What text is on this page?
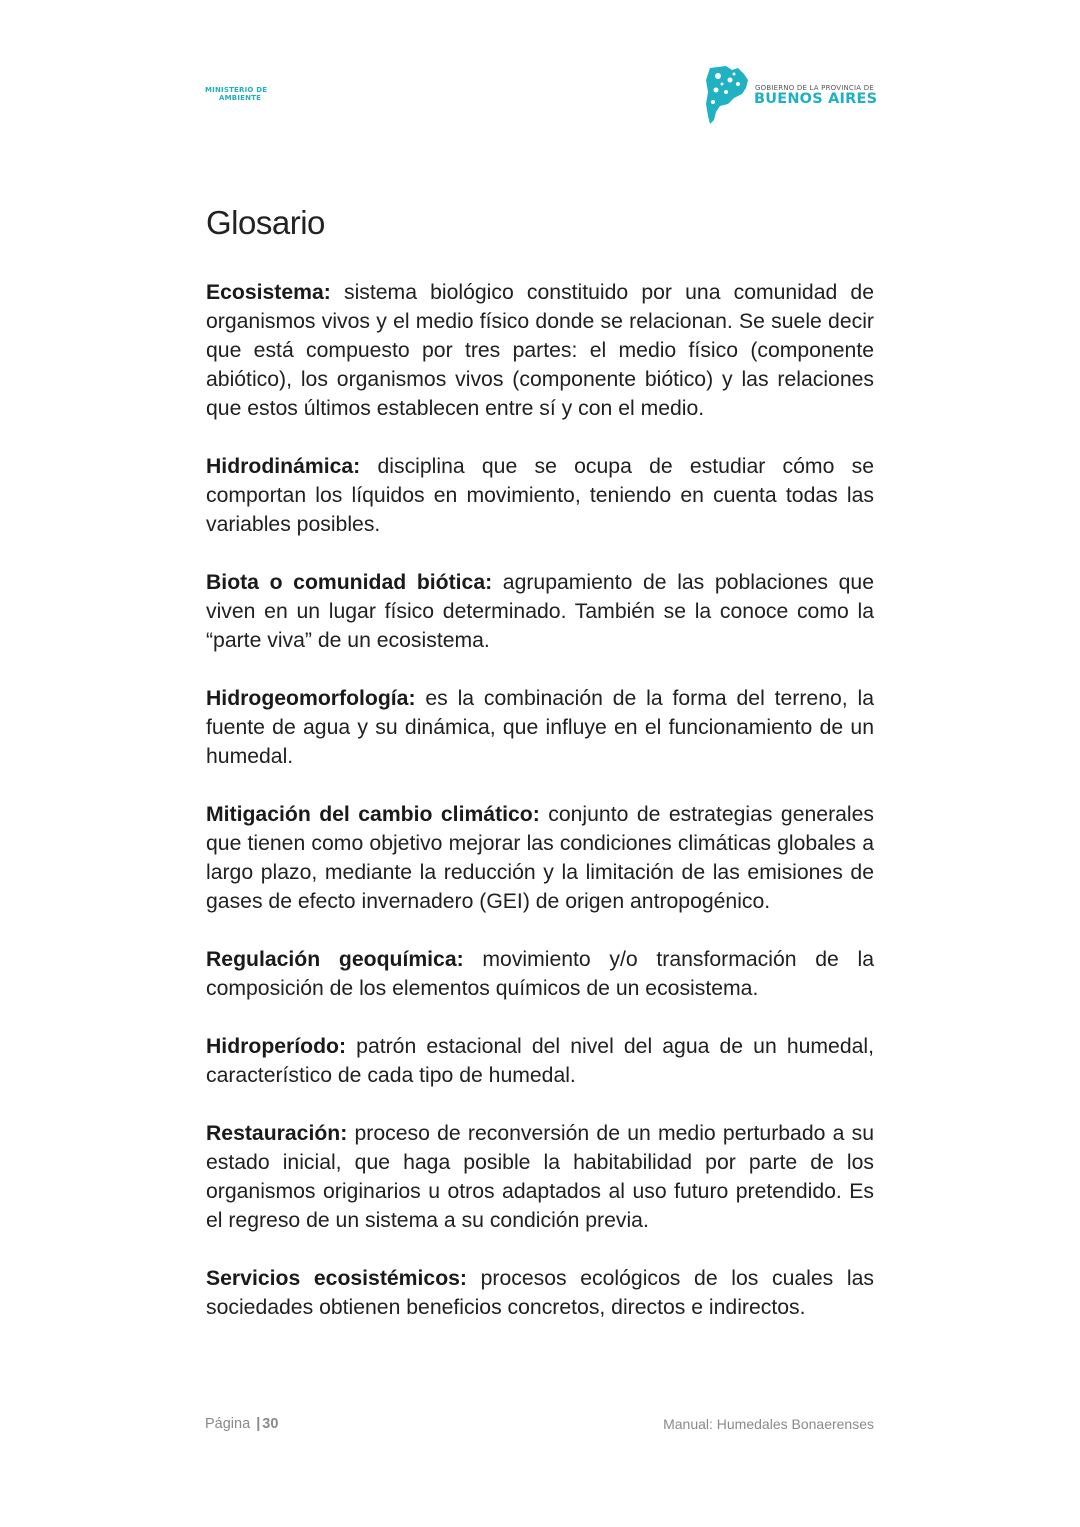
MINISTERIO DE
AMBIENTE
GOBIERNO DE LA PROVINCIA DE
BUENOS AIRES
Glosario

Ecosistema: sistema biológico constituido por una comunidad de organismos vivos y el medio físico donde se relacionan. Se suele decir que está compuesto por tres partes: el medio físico (componente abiótico), los organismos vivos (componente biótico) y las relaciones que estos últimos establecen entre sí y con el medio.

Hidrodinámica: disciplina que se ocupa de estudiar cómo se comportan los líquidos en movimiento, teniendo en cuenta todas las variables posibles.

Biota o comunidad biótica: agrupamiento de las poblaciones que viven en un lugar físico determinado. También se la conoce como la “parte viva” de un ecosistema.

Hidrogeomorfología: es la combinación de la forma del terreno, la fuente de agua y su dinámica, que influye en el funcionamiento de un humedal.

Mitigación del cambio climático: conjunto de estrategias generales que tienen como objetivo mejorar las condiciones climáticas globales a largo plazo, mediante la reducción y la limitación de las emisiones de gases de efecto invernadero (GEI) de origen antropogénico.

Regulación geoquímica: movimiento y/o transformación de la composición de los elementos químicos de un ecosistema.

Hidroperíodo: patrón estacional del nivel del agua de un humedal, característico de cada tipo de humedal.

Restauración: proceso de reconversión de un medio perturbado a su estado inicial, que haga posible la habitabilidad por parte de los organismos originarios u otros adaptados al uso futuro pretendido. Es el regreso de un sistema a su condición previa.

Servicios ecosistémicos: procesos ecológicos de los cuales las sociedades obtienen beneficios concretos, directos e indirectos.

Página | 30	Manual: Humedales Bonaerenses
